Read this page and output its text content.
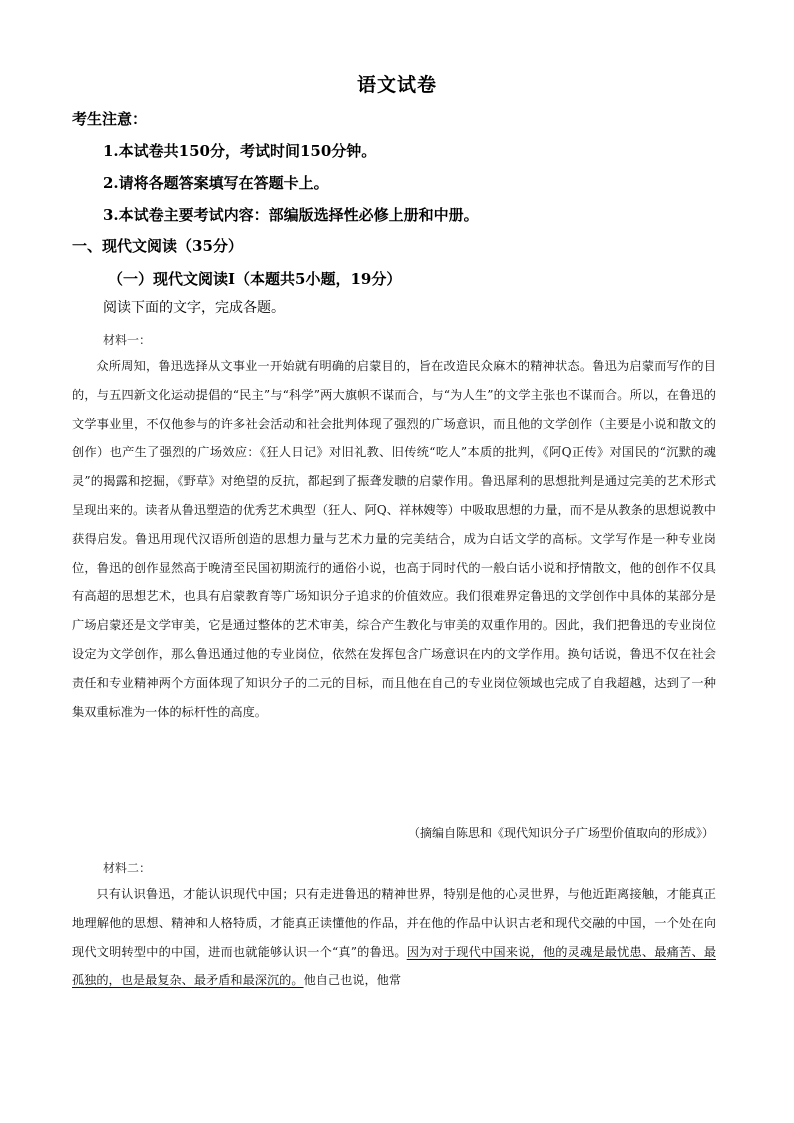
语文试卷
考生注意：
1.本试卷共150分，考试时间150分钟。
2.请将各题答案填写在答题卡上。
3.本试卷主要考试内容：部编版选择性必修上册和中册。
一、现代文阅读（35分）
（一）现代文阅读Ⅰ（本题共5小题，19分）
阅读下面的文字，完成各题。
材料一：
众所周知，鲁迅选择从文事业一开始就有明确的启蒙目的，旨在改造民众麻木的精神状态。鲁迅为启蒙而写作的目的，与五四新文化运动提倡的“民主”与“科学”两大旗帜不谋而合，与“为人生”的文学主张也不谋而合。所以，在鲁迅的文学事业里，不仅他参与的许多社会活动和社会批判体现了强烈的广场意识，而且他的文学创作（主要是小说和散文的创作）也产生了强烈的广场效应：《狂人日记》对旧礼教、旧传统“吃人”本质的批判，《阿Q正传》对国民的“沉默的魂灵”的揭露和挖掘，《野草》对绝望的反抗，都起到了振聋发聩的启蒙作用。鲁迅犀利的思想批判是通过完美的艺术形式呈现出来的。读者从鲁迅塑造的优秀艺术典型（狂人、阿Q、祥林嫂等）中吸取思想的力量，而不是从教条的思想说教中获得启发。鲁迅用现代汉语所创造的思想力量与艺术力量的完美结合，成为白话文学的高标。文学写作是一种专业岗位，鲁迅的创作显然高于晚清至民国初期流行的通俗小说，也高于同时代的一般白话小说和抒情散文，他的创作不仅具有高超的思想艺术，也具有启蒙教育等广场知识分子追求的价值效应。我们很难界定鲁迅的文学创作中具体的某部分是广场启蒙还是文学审美，它是通过整体的艺术审美，综合产生教化与审美的双重作用的。因此，我们把鲁迅的专业岗位设定为文学创作，那么鲁迅通过他的专业岗位，依然在发挥包含广场意识在内的文学作用。换句话说，鲁迅不仅在社会责任和专业精神两个方面体现了知识分子的二元的目标，而且他在自己的专业岗位领域也完成了自我超越，达到了一种集双重标准为一体的标杆性的高度。
（摘编自陈思和《现代知识分子广场型价值取向的形成》）
材料二：
只有认识鲁迅，才能认识现代中国；只有走进鲁迅的精神世界，特别是他的心灵世界，与他近距离接触，才能真正地理解他的思想、精神和人格特质，才能真正读懂他的作品，并在他的作品中认识古老和现代交融的中国，一个处在向现代文明转型中的中国，进而也就能够认识一个“真”的鲁迅。因为对于现代中国来说，他的灵魂是最忧患、最痛苦、最孤独的，也是最复杂、最矛盾和最深沉的。他自己也说，他常
